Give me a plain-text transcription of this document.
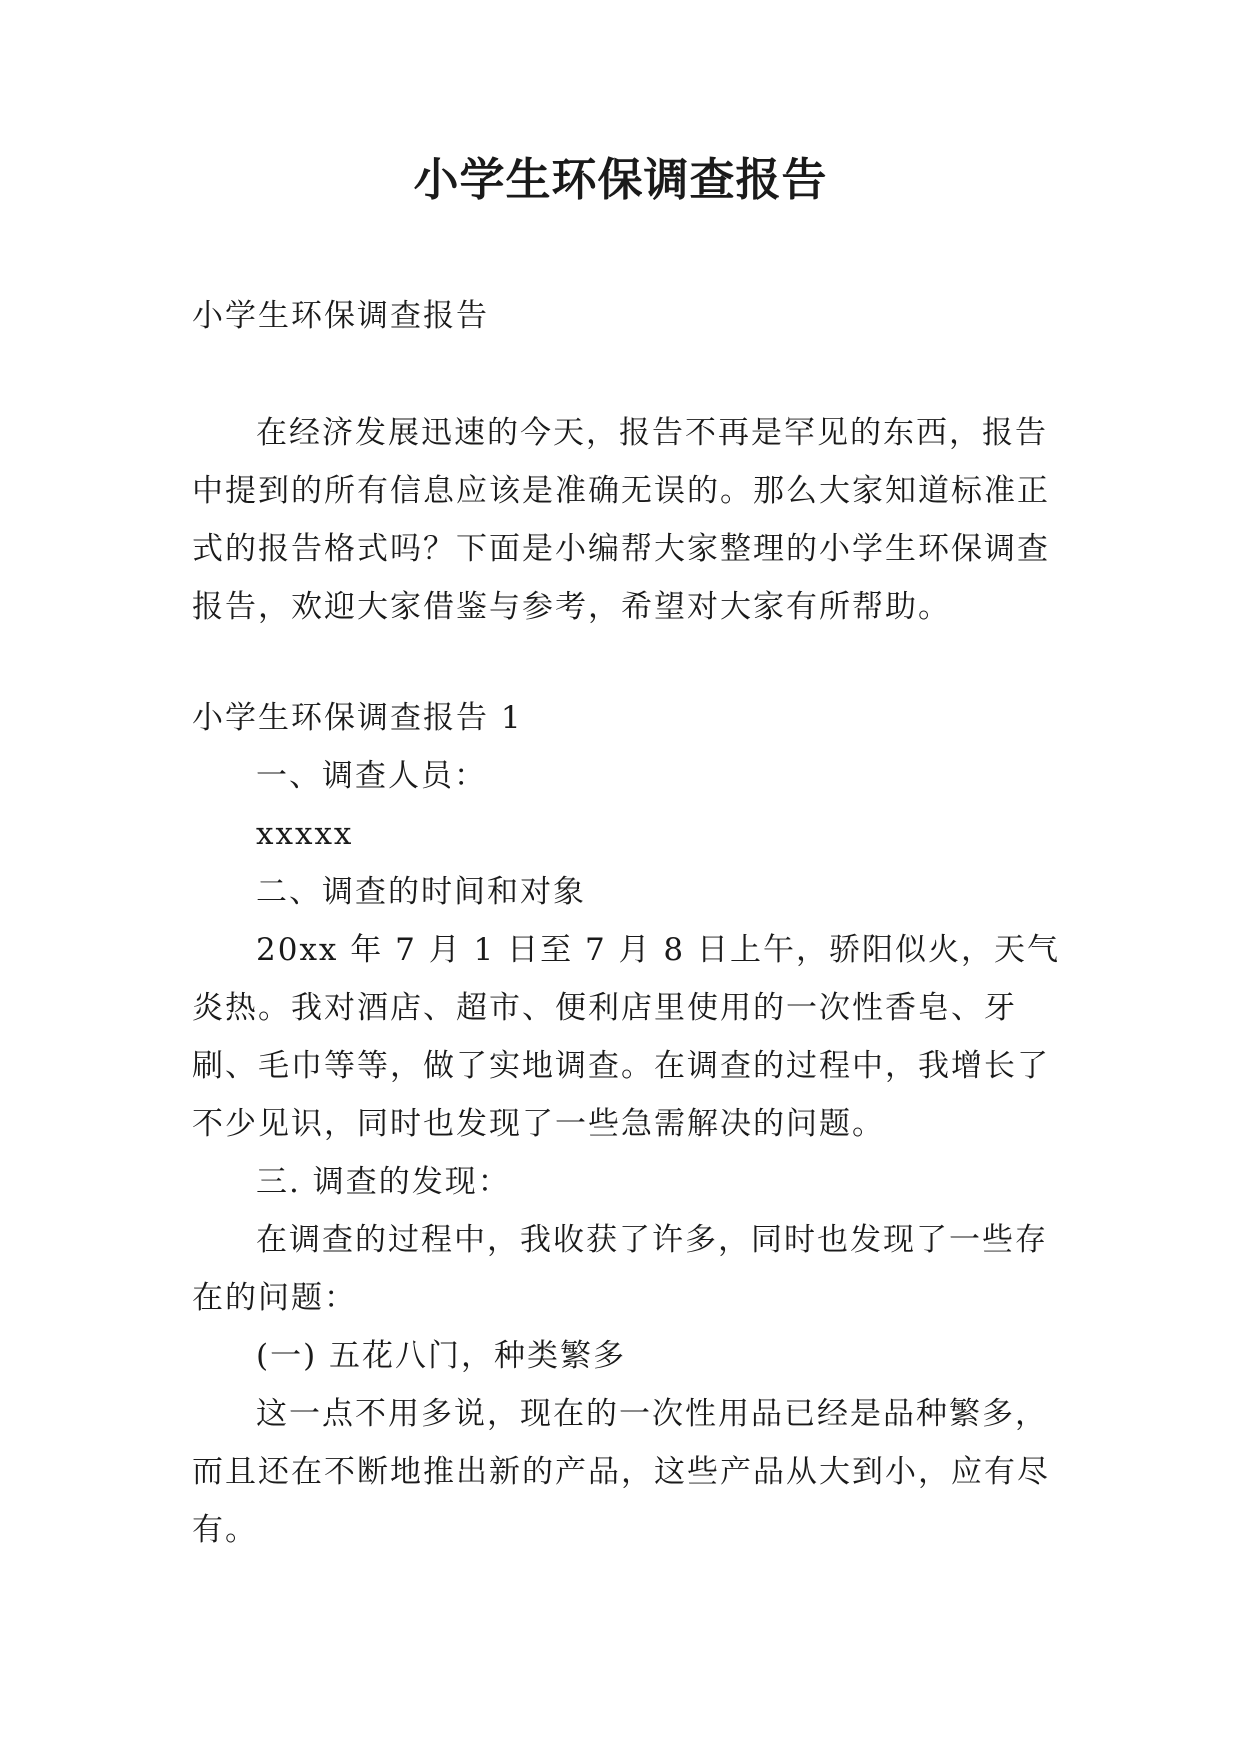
小学生环保调查报告

小学生环保调查报告

在经济发展迅速的今天，报告不再是罕见的东西，报告中提到的所有信息应该是准确无误的。那么大家知道标准正式的报告格式吗？下面是小编帮大家整理的小学生环保调查报告，欢迎大家借鉴与参考，希望对大家有所帮助。

小学生环保调查报告 1

一、调查人员：

xxxxx

二、调查的时间和对象

20xx 年 7 月 1 日至 7 月 8 日上午，骄阳似火，天气炎热。我对酒店、超市、便利店里使用的一次性香皂、牙刷、毛巾等等，做了实地调查。在调查的过程中，我增长了不少见识，同时也发现了一些急需解决的问题。

三. 调查的发现：

在调查的过程中，我收获了许多，同时也发现了一些存在的问题：

(一) 五花八门，种类繁多

这一点不用多说，现在的一次性用品已经是品种繁多，而且还在不断地推出新的产品，这些产品从大到小，应有尽有。
